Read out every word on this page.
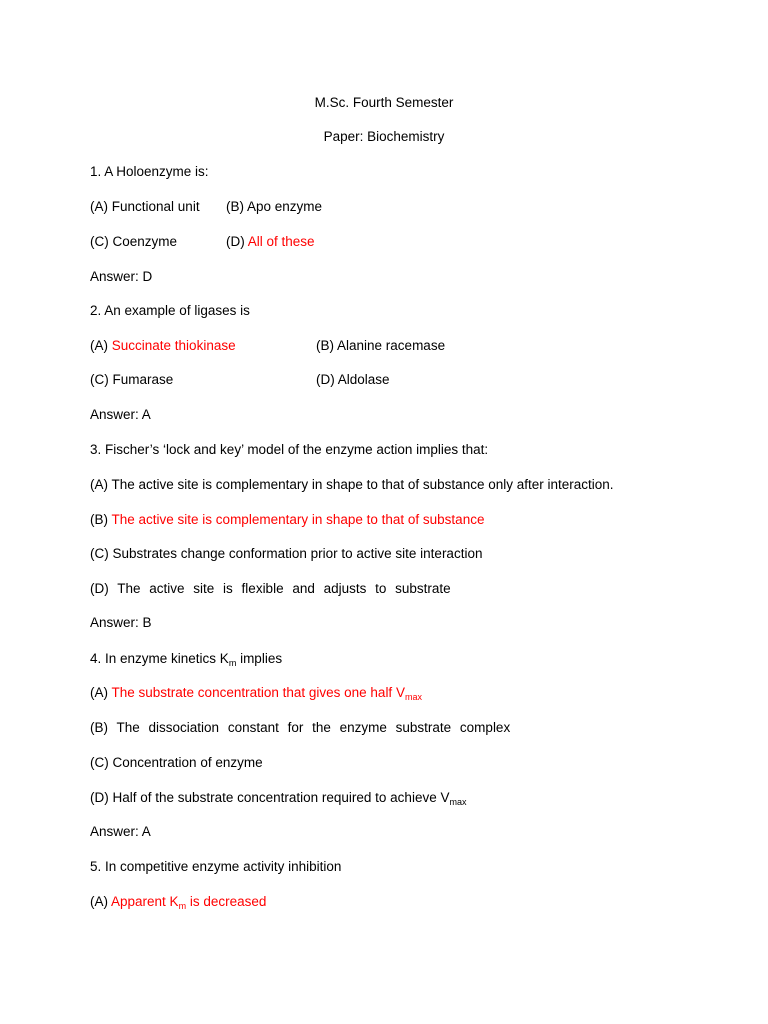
M.Sc. Fourth Semester
Paper: Biochemistry
1. A Holoenzyme is:
(A) Functional unit (B) Apo enzyme
(C) Coenzyme	(D) All of these
Answer: D
2. An example of ligases is
(A) Succinate thiokinase	(B) Alanine racemase
(C) Fumarase	(D) Aldolase
Answer: A
3. Fischer’s ‘lock and key’ model of the enzyme action implies that:
(A) The active site is complementary in shape to that of substance only after interaction.
(B) The active site is complementary in shape to that of substance
(C) Substrates change conformation prior to active site interaction
(D) The active site is flexible and adjusts to substrate
Answer: B
4. In enzyme kinetics $K_m$ implies
(A) The substrate concentration that gives one half $V_{max}$
(B) The dissociation constant for the enzyme substrate complex
(C) Concentration of enzyme
(D) Half of the substrate concentration required to achieve $V_{max}$
Answer: A
5. In competitive enzyme activity inhibition
(A) Apparent $K_m$ is decreased
